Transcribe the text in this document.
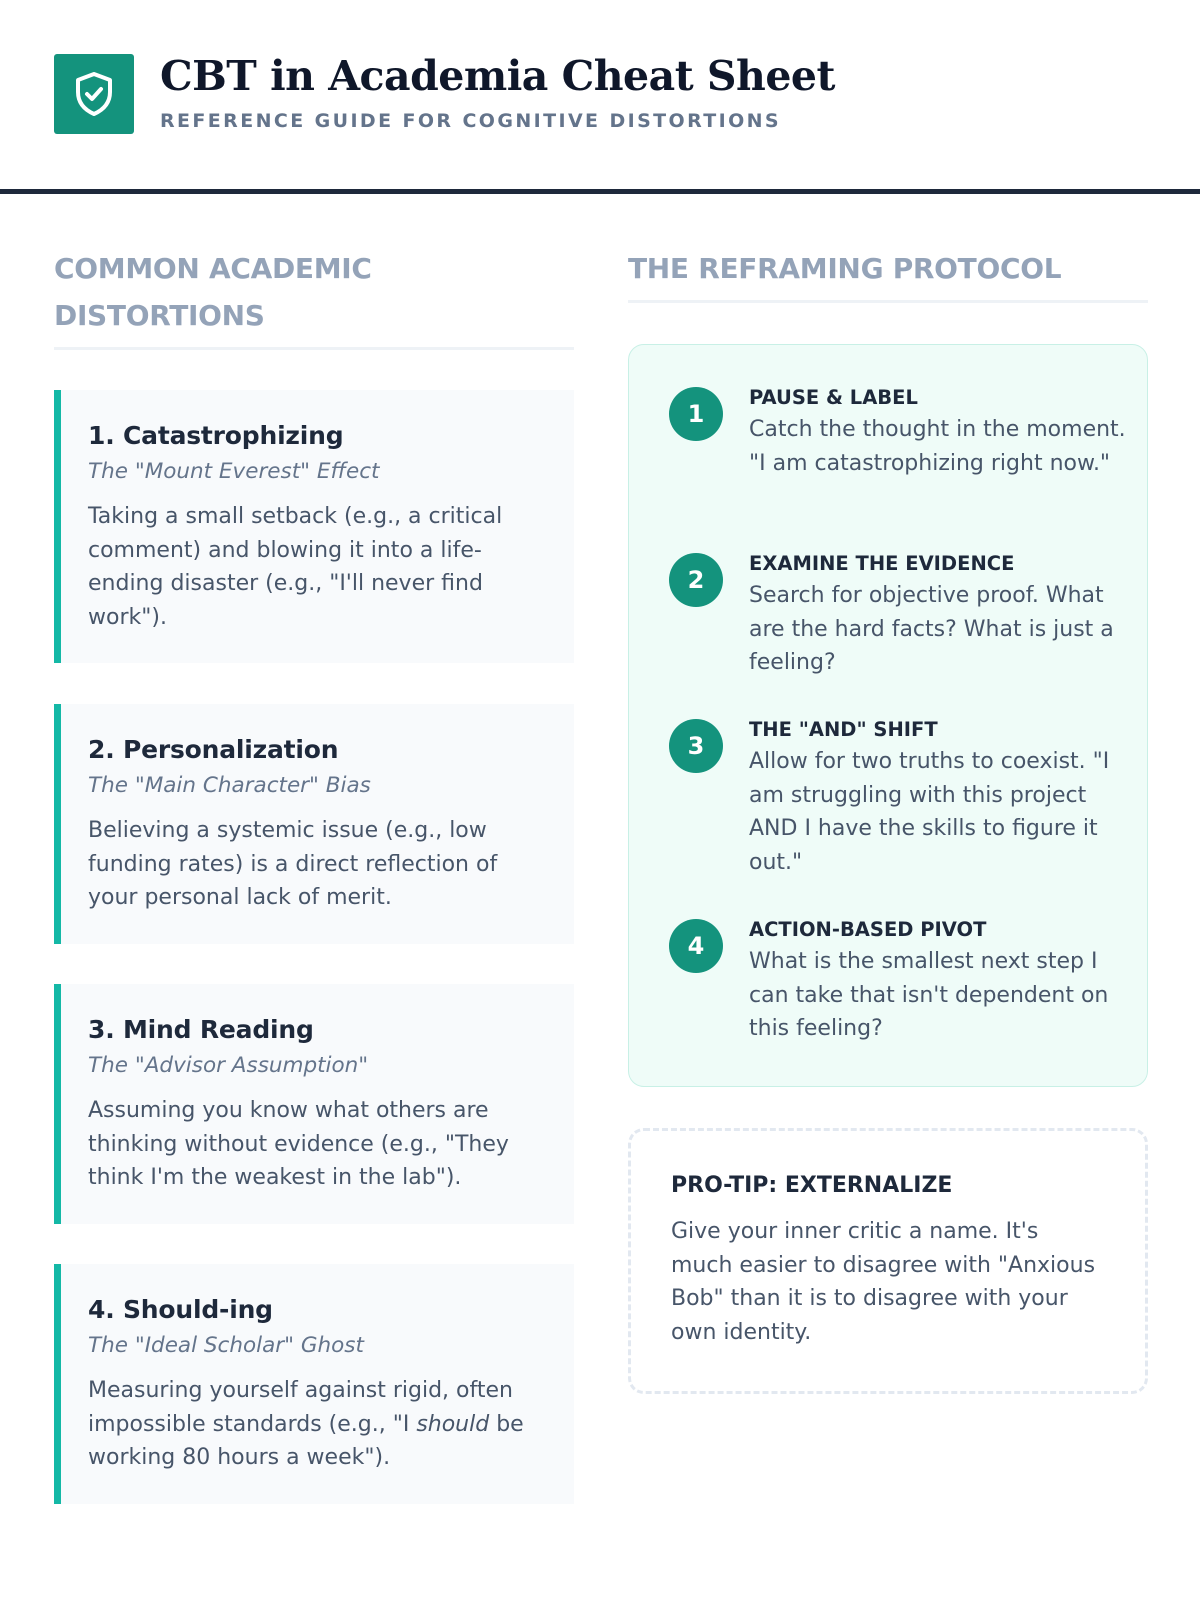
CBT in Academia Cheat Sheet
REFERENCE GUIDE FOR COGNITIVE DISTORTIONS
COMMON ACADEMIC DISTORTIONS
1. Catastrophizing
The "Mount Everest" Effect
Taking a small setback (e.g., a critical comment) and blowing it into a life-ending disaster (e.g., "I'll never find work").
2. Personalization
The "Main Character" Bias
Believing a systemic issue (e.g., low funding rates) is a direct reflection of your personal lack of merit.
3. Mind Reading
The "Advisor Assumption"
Assuming you know what others are thinking without evidence (e.g., "They think I'm the weakest in the lab").
4. Should-ing
The "Ideal Scholar" Ghost
Measuring yourself against rigid, often impossible standards (e.g., "I should be working 80 hours a week").
THE REFRAMING PROTOCOL
1
PAUSE & LABEL
Catch the thought in the moment. "I am catastrophizing right now."
2
EXAMINE THE EVIDENCE
Search for objective proof. What are the hard facts? What is just a feeling?
3
THE "AND" SHIFT
Allow for two truths to coexist. "I am struggling with this project AND I have the skills to figure it out."
4
ACTION-BASED PIVOT
What is the smallest next step I can take that isn't dependent on this feeling?
PRO-TIP: EXTERNALIZE
Give your inner critic a name. It's much easier to disagree with "Anxious Bob" than it is to disagree with your own identity.
